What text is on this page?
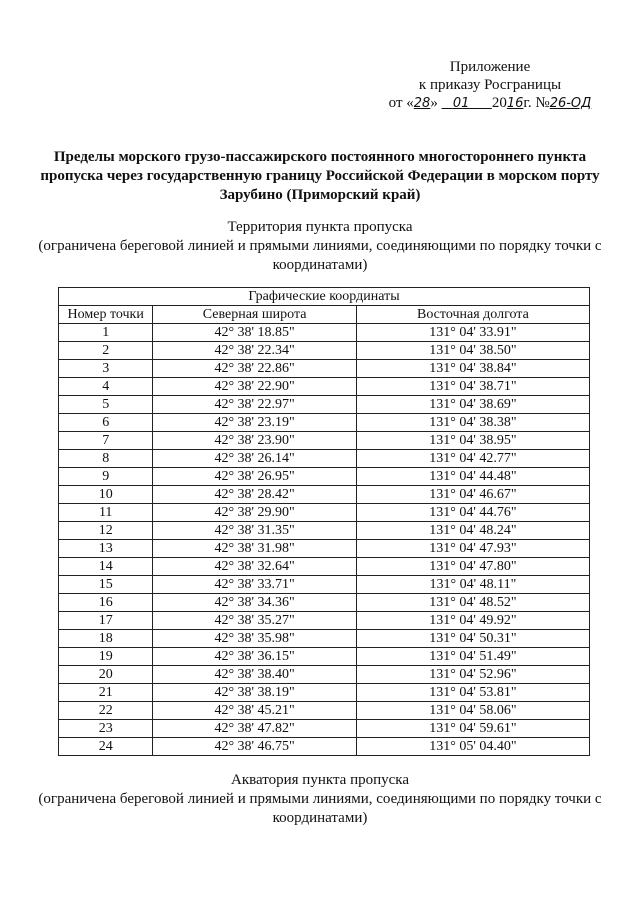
Приложение
к приказу Росграницы
от «28» 01 2016г. №26-ОД
Пределы морского грузо-пассажирского постоянного многостороннего пункта пропуска через государственную границу Российской Федерации в морском порту Зарубино (Приморский край)
Территория пункта пропуска
(ограничена береговой линией и прямыми линиями, соединяющими по порядку точки с координатами)
Графические координаты		
Номер точки	Северная широта	Восточная долгота
1	42° 38' 18.85"	131° 04' 33.91"
2	42° 38' 22.34"	131° 04' 38.50"
3	42° 38' 22.86"	131° 04' 38.84"
4	42° 38' 22.90"	131° 04' 38.71"
5	42° 38' 22.97"	131° 04' 38.69"
6	42° 38' 23.19"	131° 04' 38.38"
7	42° 38' 23.90"	131° 04' 38.95"
8	42° 38' 26.14"	131° 04' 42.77"
9	42° 38' 26.95"	131° 04' 44.48"
10	42° 38' 28.42"	131° 04' 46.67"
11	42° 38' 29.90"	131° 04' 44.76"
12	42° 38' 31.35"	131° 04' 48.24"
13	42° 38' 31.98"	131° 04' 47.93"
14	42° 38' 32.64"	131° 04' 47.80"
15	42° 38' 33.71"	131° 04' 48.11"
16	42° 38' 34.36"	131° 04' 48.52"
17	42° 38' 35.27"	131° 04' 49.92"
18	42° 38' 35.98"	131° 04' 50.31"
19	42° 38' 36.15"	131° 04' 51.49"
20	42° 38' 38.40"	131° 04' 52.96"
21	42° 38' 38.19"	131° 04' 53.81"
22	42° 38' 45.21"	131° 04' 58.06"
23	42° 38' 47.82"	131° 04' 59.61"
24	42° 38' 46.75"	131° 05' 04.40"
Акватория пункта пропуска
(ограничена береговой линией и прямыми линиями, соединяющими по порядку точки с координатами)
